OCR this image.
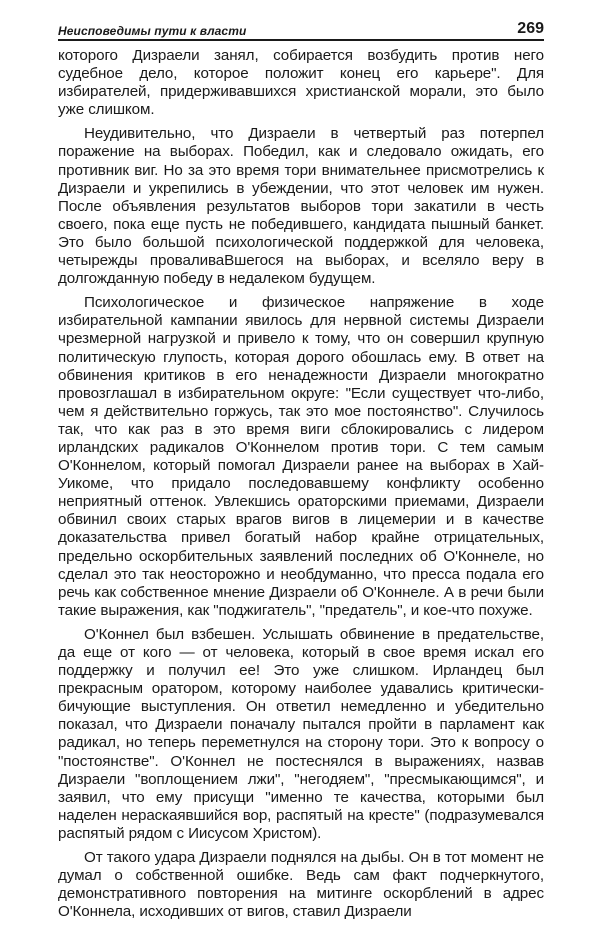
Неисповедимы пути к власти	269

которого Дизраели занял, собирается возбудить против него судебное дело, которое положит конец его карьере". Для избирателей, придерживавшихся христианской морали, это было уже слишком.

Неудивительно, что Дизраели в четвертый раз потерпел поражение на выборах. Победил, как и следовало ожидать, его противник виг. Но за это время тори внимательнее присмотрелись к Дизраели и укрепились в убеждении, что этот человек им нужен. После объявления результатов выборов тори закатили в честь своего, пока еще пусть не победившего, кандидата пышный банкет. Это было большой психологической поддержкой для человека, четырежды проваливаВшегося на выборах, и вселяло веру в долгожданную победу в недалеком будущем.

Психологическое и физическое напряжение в ходе избирательной кампании явилось для нервной системы Дизраели чрезмерной нагрузкой и привело к тому, что он совершил крупную политическую глупость, которая дорого обошлась ему. В ответ на обвинения критиков в его ненадежности Дизраели многократно провозглашал в избирательном округе: "Если существует что-либо, чем я действительно горжусь, так это мое постоянство". Случилось так, что как раз в это время виги сблокировались с лидером ирландских радикалов О'Коннелом против тори. С тем самым О'Коннелом, который помогал Дизраели ранее на выборах в Хай-Уикоме, что придало последовавшему конфликту особенно неприятный оттенок. Увлекшись ораторскими приемами, Дизраели обвинил своих старых врагов вигов в лицемерии и в качестве доказательства привел богатый набор крайне отрицательных, предельно оскорбительных заявлений последних об О'Коннеле, но сделал это так неосторожно и необдуманно, что пресса подала его речь как собственное мнение Дизраели об О'Коннеле. А в речи были такие выражения, как "поджигатель", "предатель", и кое-что похуже.

О'Коннел был взбешен. Услышать обвинение в предательстве, да еще от кого — от человека, который в свое время искал его поддержку и получил ее! Это уже слишком. Ирландец был прекрасным оратором, которому наиболее удавались критически-бичующие выступления. Он ответил немедленно и убедительно показал, что Дизраели поначалу пытался пройти в парламент как радикал, но теперь переметнулся на сторону тори. Это к вопросу о "постоянстве". О'Коннел не постеснялся в выражениях, назвав Дизраели "воплощением лжи", "негодяем", "пресмыкающимся", и заявил, что ему присущи "именно те качества, которыми был наделен нераскаявшийся вор, распятый на кресте" (подразумевался распятый рядом с Иисусом Христом).

От такого удара Дизраели поднялся на дыбы. Он в тот момент не думал о собственной ошибке. Ведь сам факт подчеркнутого, демонстративного повторения на митинге оскорблений в адрес О'Коннела, исходивших от вигов, ставил Дизраели
